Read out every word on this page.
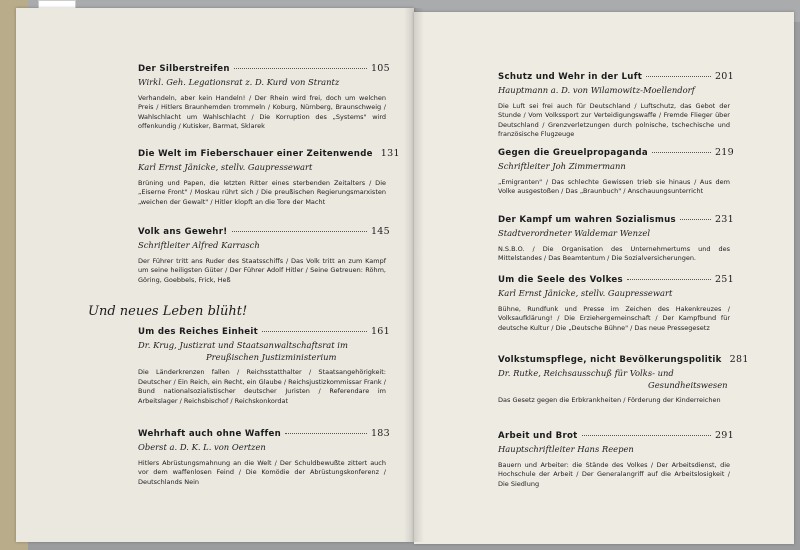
Der Silberstreifen	105
Wirkl. Geh. Legationsrat z. D. Kurd von Strantz
Verhandeln, aber kein Handeln! / Der Rhein wird frei, doch um welchen Preis / Hitlers Braunhemden trommeln / Koburg, Nürnberg, Braunschweig / Wahlschlacht um Wahlschlacht / Die Korruption des „Systems" wird offenkundig / Kutisker, Barmat, Sklarek
Die Welt im Fieberschauer einer Zeitenwende 131
Karl Ernst Jänicke, stellv. Gaupressewart
Brüning und Papen, die letzten Ritter eines sterbenden Zeitalters / Die „Eiserne Front" / Moskau rührt sich / Die preußischen Regierungsmarxisten „weichen der Gewalt" / Hitler klopft an die Tore der Macht
Volk ans Gewehr!	145
Schriftleiter Alfred Karrasch
Der Führer tritt ans Ruder des Staatsschiffs / Das Volk tritt an zum Kampf um seine heiligsten Güter / Der Führer Adolf Hitler / Seine Getreuen: Röhm, Göring, Goebbels, Frick, Heß
Und neues Leben blüht!
Um des Reiches Einheit	161
Dr. Krug, Justizrat und Staatsanwaltschaftsrat im
Preußischen Justizministerium
Die Länderkrenzen fallen / Reichsstatthalter / Staatsangehörigkeit: Deutscher / Ein Reich, ein Recht, ein Glaube / Reichsjustizkommissar Frank / Bund nationalsozialistischer deutscher Juristen / Referendare im Arbeitslager / Reichsbischof / Reichskonkordat
Wehrhaft auch ohne Waffen	183
Oberst a. D. K. L. von Oertzen
Hitlers Abrüstungsmahnung an die Welt / Der Schuldbewußte zittert auch vor dem waffenlosen Feind / Die Komödie der Abrüstungskonferenz / Deutschlands Nein
Schutz und Wehr in der Luft	201
Hauptmann a. D. von Wilamowitz-Moellendorf
Die Luft sei frei auch für Deutschland / Luftschutz, das Gebot der Stunde / Vom Volkssport zur Verteidigungswaffe / Fremde Flieger über Deutschland / Grenzverletzungen durch polnische, tschechische und französische Flugzeuge
Gegen die Greuelpropaganda	219
Schriftleiter Joh Zimmermann
„Emigranten" / Das schlechte Gewissen trieb sie hinaus / Aus dem Volke ausgestoßen / Das „Braunbuch" / Anschauungsunterricht
Der Kampf um wahren Sozialismus	231
Stadtverordneter Waldemar Wenzel
N.S.B.O. / Die Organisation des Unternehmertums und des Mittelstandes / Das Beamtentum / Die Sozialversicherungen.
Um die Seele des Volkes	251
Karl Ernst Jänicke, stellv. Gaupressewart
Bühne, Rundfunk und Presse im Zeichen des Hakenkreuzes / Volksaufklärung! / Die Erziehergemeinschaft / Der Kampfbund für deutsche Kultur / Die „Deutsche Bühne" / Das neue Pressegesetz
Volkstumspflege, nicht Bevölkerungspolitik 281
Dr. Rutke, Reichsausschuß für Volks- und
Gesundheitswesen
Das Gesetz gegen die Erbkrankheiten / Förderung der Kinderreichen
Arbeit und Brot	291
Hauptschriftleiter Hans Reepen
Bauern und Arbeiter: die Stände des Volkes / Der Arbeitsdienst, die Hochschule der Arbeit / Der Generalangriff auf die Arbeitslosigkeit / Die Siedlung
